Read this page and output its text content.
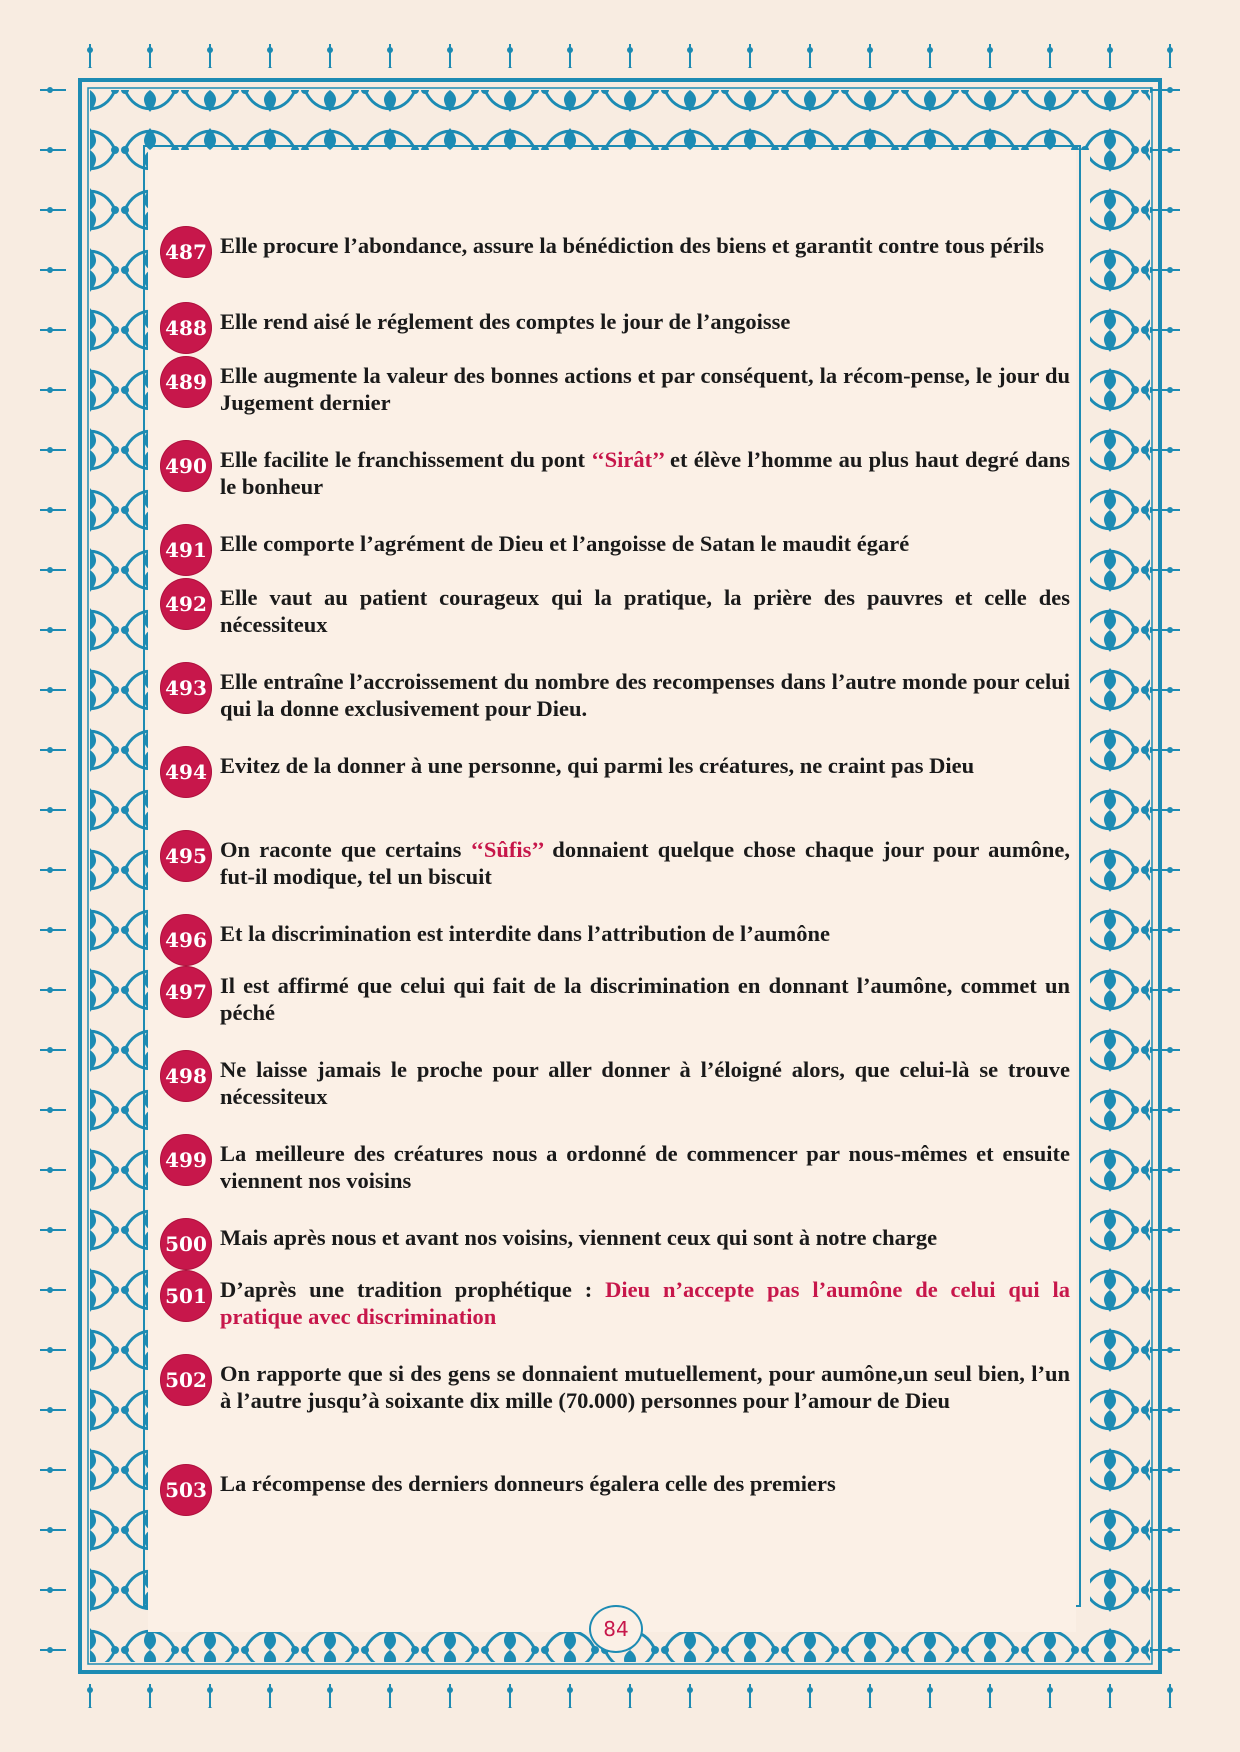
487 Elle procure l’abondance, assure la bénédiction des biens et garantit contre tous périls
488 Elle rend aisé le réglement des comptes le jour de l’angoisse
489 Elle augmente la valeur des bonnes actions et par conséquent, la récom-pense, le jour du Jugement dernier
490 Elle facilite le franchissement du pont ‘‘Sirât’’ et élève l’homme au plus haut degré dans le bonheur
491 Elle comporte l’agrément de Dieu et l’angoisse de Satan le maudit égaré
492 Elle vaut au patient courageux qui la pratique, la prière des pauvres et celle des nécessiteux
493 Elle entraîne l’accroissement du nombre des recompenses dans l’autre monde pour celui qui la donne exclusivement pour Dieu.
494 Evitez de la donner à une personne, qui parmi les créatures, ne craint pas Dieu
495 On raconte que certains ‘‘Sûfis’’ donnaient quelque chose chaque jour pour aumône, fut-il modique, tel un biscuit
496 Et la discrimination est interdite dans l’attribution de l’aumône
497 Il est affirmé que celui qui fait de la discrimination en donnant l’aumône, commet un péché
498 Ne laisse jamais le proche pour aller donner à l’éloigné alors, que celui-là se trouve nécessiteux
499 La meilleure des créatures nous a ordonné de commencer par nous-mêmes et ensuite viennent nos voisins
500 Mais après nous et avant nos voisins, viennent ceux qui sont à notre charge
501 D’après une tradition prophétique : Dieu n’accepte pas l’aumône de celui qui la pratique avec discrimination
502 On rapporte que si des gens se donnaient mutuellement, pour aumône,un seul bien, l’un à l’autre jusqu’à soixante dix mille (70.000) personnes pour l’amour de Dieu
503 La récompense des derniers donneurs égalera celle des premiers
84
